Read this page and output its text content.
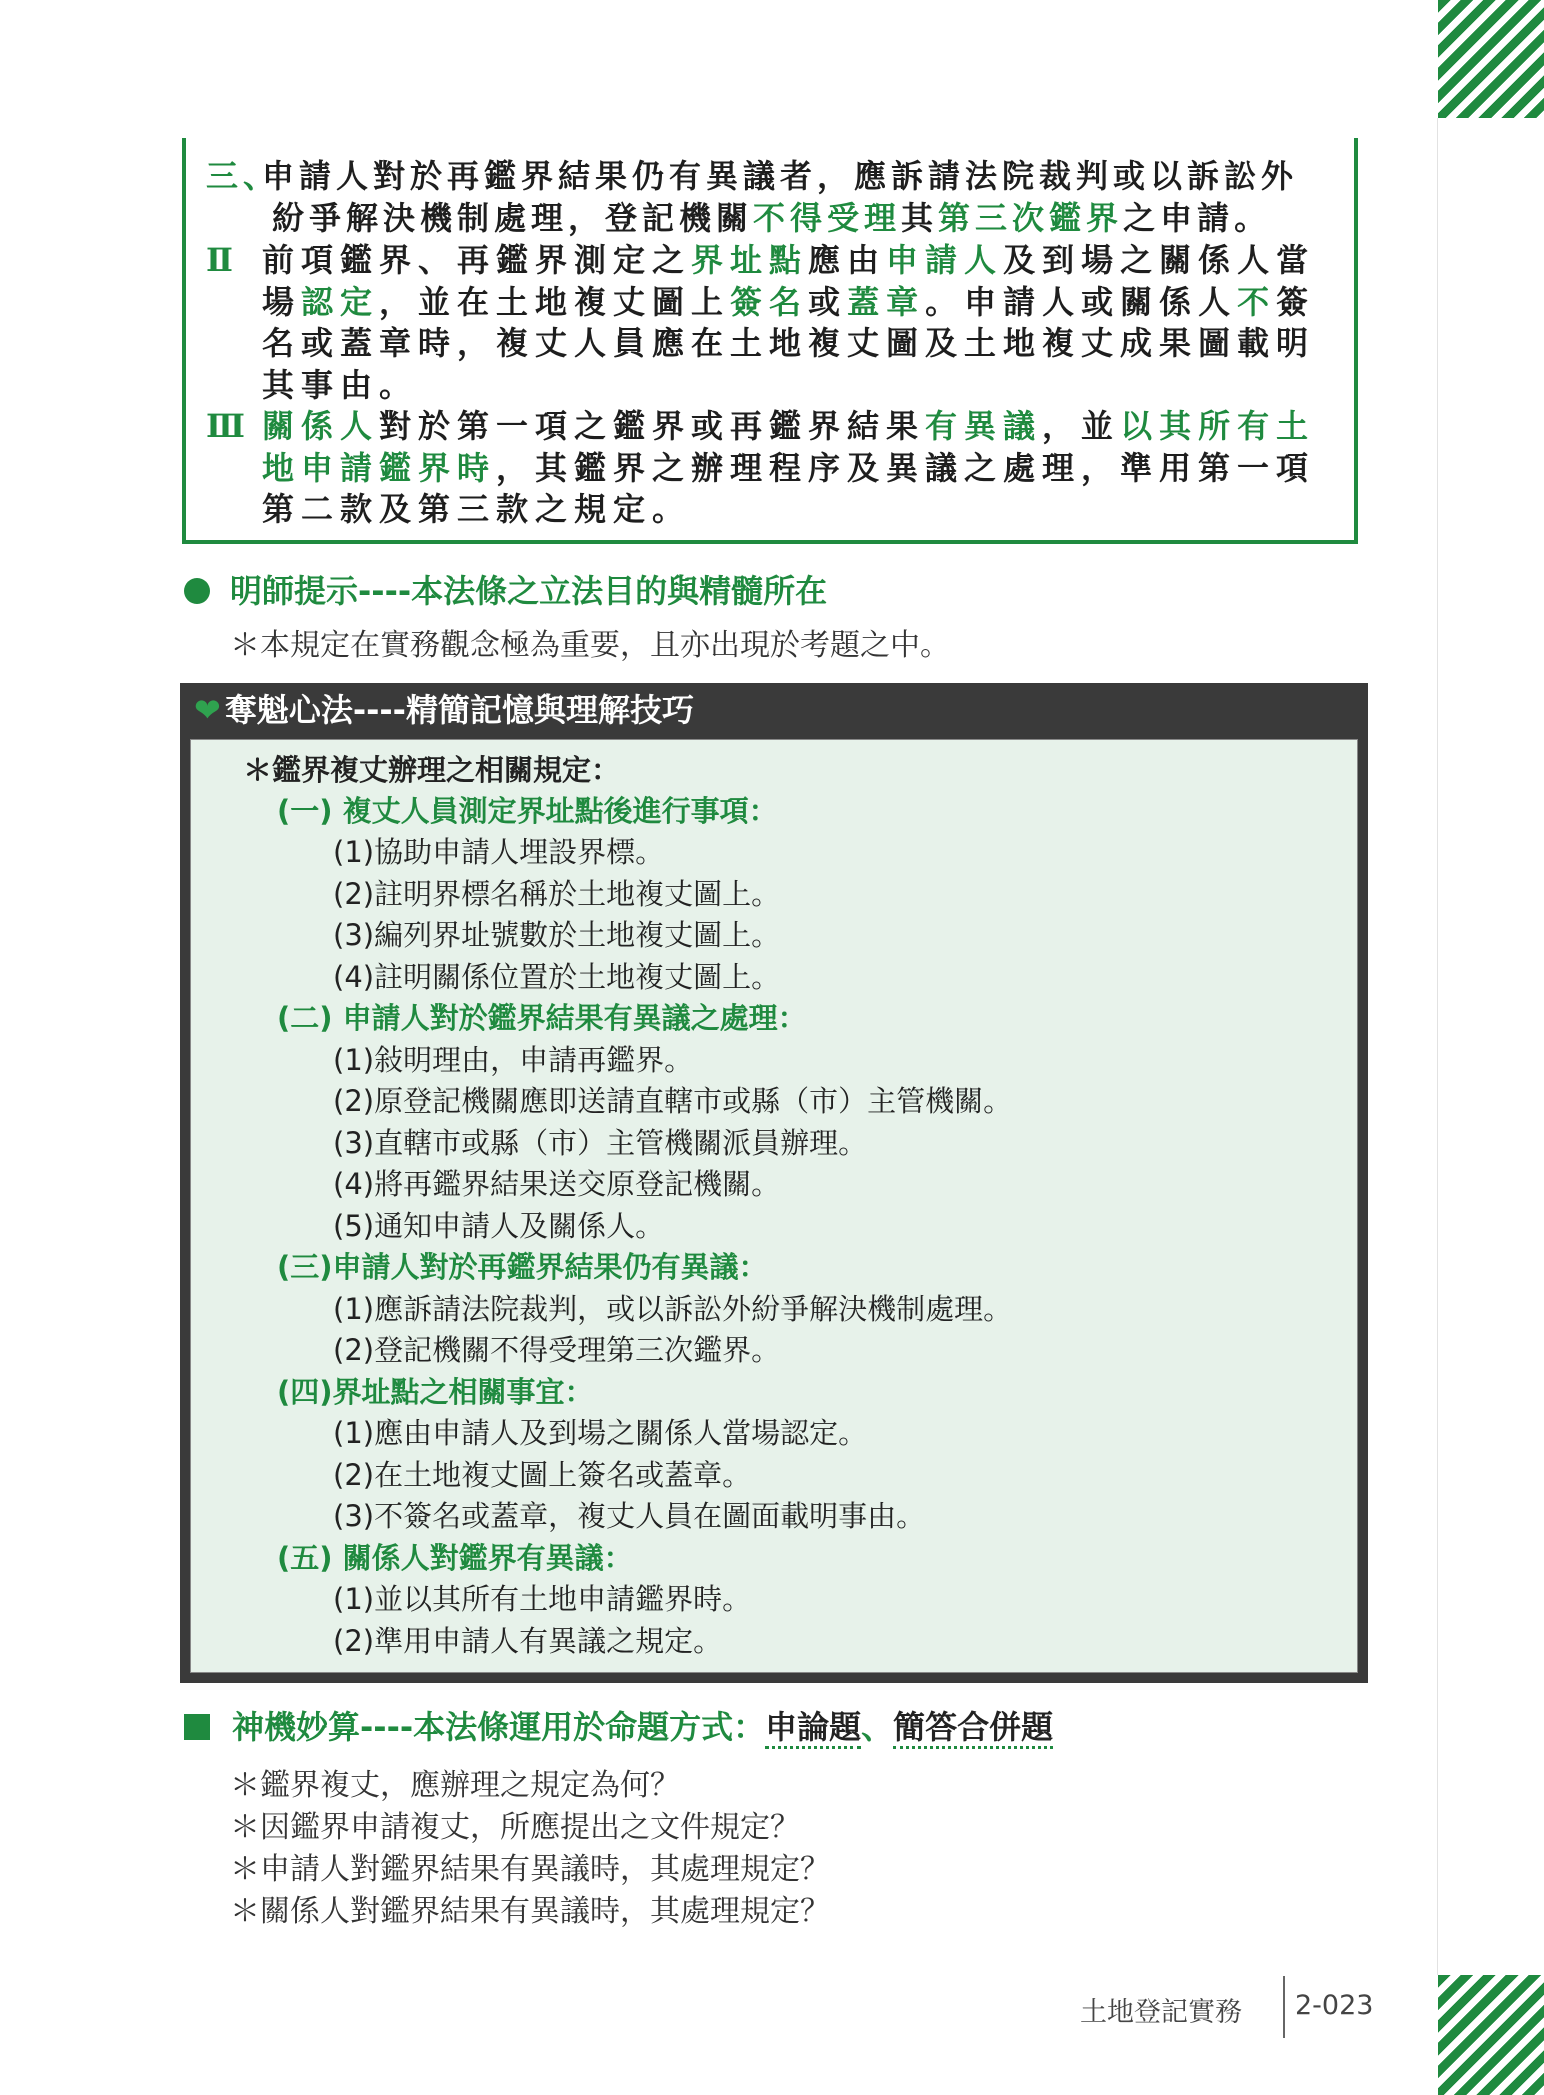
三、
申請人對於再鑑界結果仍有異議者，應訴請法院裁判或以訴訟外
紛爭解決機制處理，登記機關不得受理其第三次鑑界之申請。
Ⅱ 前項鑑界、再鑑界測定之界址點應由申請人及到場之關係人當場認定，並在土地複丈圖上簽名或蓋章。申請人或關係人不簽名或蓋章時，複丈人員應在土地複丈圖及土地複丈成果圖載明其事由。
Ⅲ 關係人對於第一項之鑑界或再鑑界結果有異議，並以其所有土地申請鑑界時，其鑑界之辦理程序及異議之處理，準用第一項第二款及第三款之規定。
明師提示----本法條之立法目的與精髓所在
＊本規定在實務觀念極為重要，且亦出現於考題之中。
❤ 奪魁心法----精簡記憶與理解技巧
＊鑑界複丈辦理之相關規定：
(一) 複丈人員測定界址點後進行事項：
(1)協助申請人埋設界標。
(2)註明界標名稱於土地複丈圖上。
(3)編列界址號數於土地複丈圖上。
(4)註明關係位置於土地複丈圖上。
(二) 申請人對於鑑界結果有異議之處理：
(1)敍明理由，申請再鑑界。
(2)原登記機關應即送請直轄市或縣（市）主管機關。
(3)直轄市或縣（市）主管機關派員辦理。
(4)將再鑑界結果送交原登記機關。
(5)通知申請人及關係人。
(三)申請人對於再鑑界結果仍有異議：
(1)應訴請法院裁判，或以訴訟外紛爭解決機制處理。
(2)登記機關不得受理第三次鑑界。
(四)界址點之相關事宜：
(1)應由申請人及到場之關係人當場認定。
(2)在土地複丈圖上簽名或蓋章。
(3)不簽名或蓋章，複丈人員在圖面載明事由。
(五) 關係人對鑑界有異議：
(1)並以其所有土地申請鑑界時。
(2)準用申請人有異議之規定。
神機妙算----本法條運用於命題方式：申論題、簡答合併題
＊鑑界複丈，應辦理之規定為何？
＊因鑑界申請複丈，所應提出之文件規定？
＊申請人對鑑界結果有異議時，其處理規定？
＊關係人對鑑界結果有異議時，其處理規定？
土地登記實務 2-023
